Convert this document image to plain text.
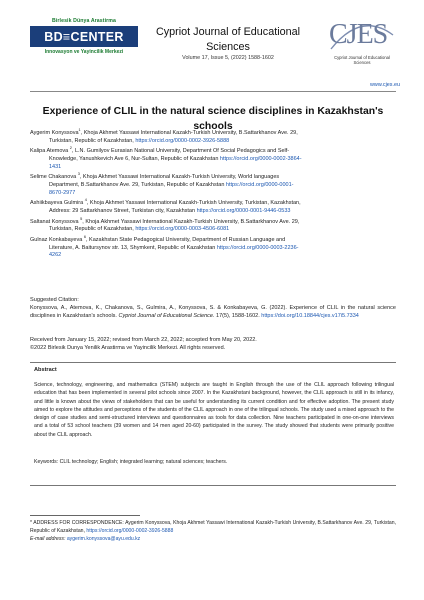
Birlesik Dünya Arastirma
BD≡CENTER
Innovasyon ve Yayincilik Merkezi
Cypriot Journal of Educational Sciences
Volume 17, Issue 5, (2022) 1588-1602
CJES
Cypriot Journal of Educational Sciences
www.cjes.eu
Experience of CLIL in the natural science disciplines in Kazakhstan's schools
Aygerim Konyssova$^1$, Khoja Akhmet Yassawi International Kazakh-Turkish University, B.Sattarkhanov Ave. 29,
Turkistan, Republic of Kazakhstan, https://orcid.org/0000-0002-3926-5888
Kalipa Atemova $^2$, L.N. Gumilyov Eurasian National University, Department Of Social Pedagogics and Self-
Knowledge, Yanushkevich Ave 6, Nur-Sultan, Republic of Kazakhstan https://orcid.org/0000-0002-3864-
1431
Selime Chakanova $^3$, Khoja Akhmet Yassawi International Kazakh-Turkish University, World languages
Department, B.Sattarkhanov Ave. 29, Turkistan, Republic of Kazakhstan https://orcid.org/0000-0001-
8670-2977
Ashiikbayeva Gulmira $^4$, Khoja Akhmet Yassawi International Kazakh-Turkish University, Turkistan, Kazakhstan,
Address: 29 Sattarkhanov Street, Turkistan city, Kazakhstan https://orcid.org/0000-0001-9446-0533
Saltanat Konyssova $^5$, Khoja Akhmet Yassawi International Kazakh-Turkish University, B.Sattarkhanov Ave. 29,
Turkistan, Republic of Kazakhstan, https://orcid.org/0000-0003-4506-6081
Gulnaz Konkabayeva $^6$, Kazakhstan State Pedagogical University, Department of Russian Language and
Literature, A. Baitursynov str. 13, Shymkent, Republic of Kazakhstan https://orcid.org/0000-0003-2236-
4262
Suggested Citation:
Konyssova, A., Atemova, K., Chakanova, S., Gulmira, A., Konyssova, S. & Konkabayeva, G. (2022). Experience of CLIL in the natural science disciplines in Kazakhstan's schools. Cypriot Journal of Educational Science. 17(5), 1588-1602. https://doi.org/10.18844/cjes.v17i5.7334
Received from January 15, 2022; revised from March 22, 2022; accepted from May 20, 2022.
©2022 Birlesik Dunya Yenilik Arastirma ve Yayincilik Merkezi. All rights reserved.
Abstract
Science, technology, engineering, and mathematics (STEM) subjects are taught in English through the use of the CLIL approach following trilingual education that has been implemented in several pilot schools since 2007. In the Kazakhstani background, however, the CLIL approach is still in its infancy, and little is known about the views of stakeholders that can be useful for understanding its current condition and for effective adoption. The present study aimed to explore the attitudes and perceptions of the students of the CLIL approach in one of the trilingual schools. The study used a mixed approach to the design of case studies and semi-structured interviews and questionnaires as tools for data collection. Nine teachers participated in one-on-one interviews and a total of 53 school teachers (39 women and 14 men aged 20-60) participated in the survey. The study showed that students were primarily positive about the CLIL approach.
Keywords: CLIL technology; English; integrated learning; natural sciences; teachers.
* ADDRESS FOR CORRESPONDENCE: Aygerim Konyssova, Khoja Akhmet Yassawi International Kazakh-Turkish University, B.Sattarkhanov Ave. 29, Turkistan, Republic of Kazakhstan, https://orcid.org/0000-0002-3926-5888
E-mail address: aygerim.konyssova@ayu.edu.kz
